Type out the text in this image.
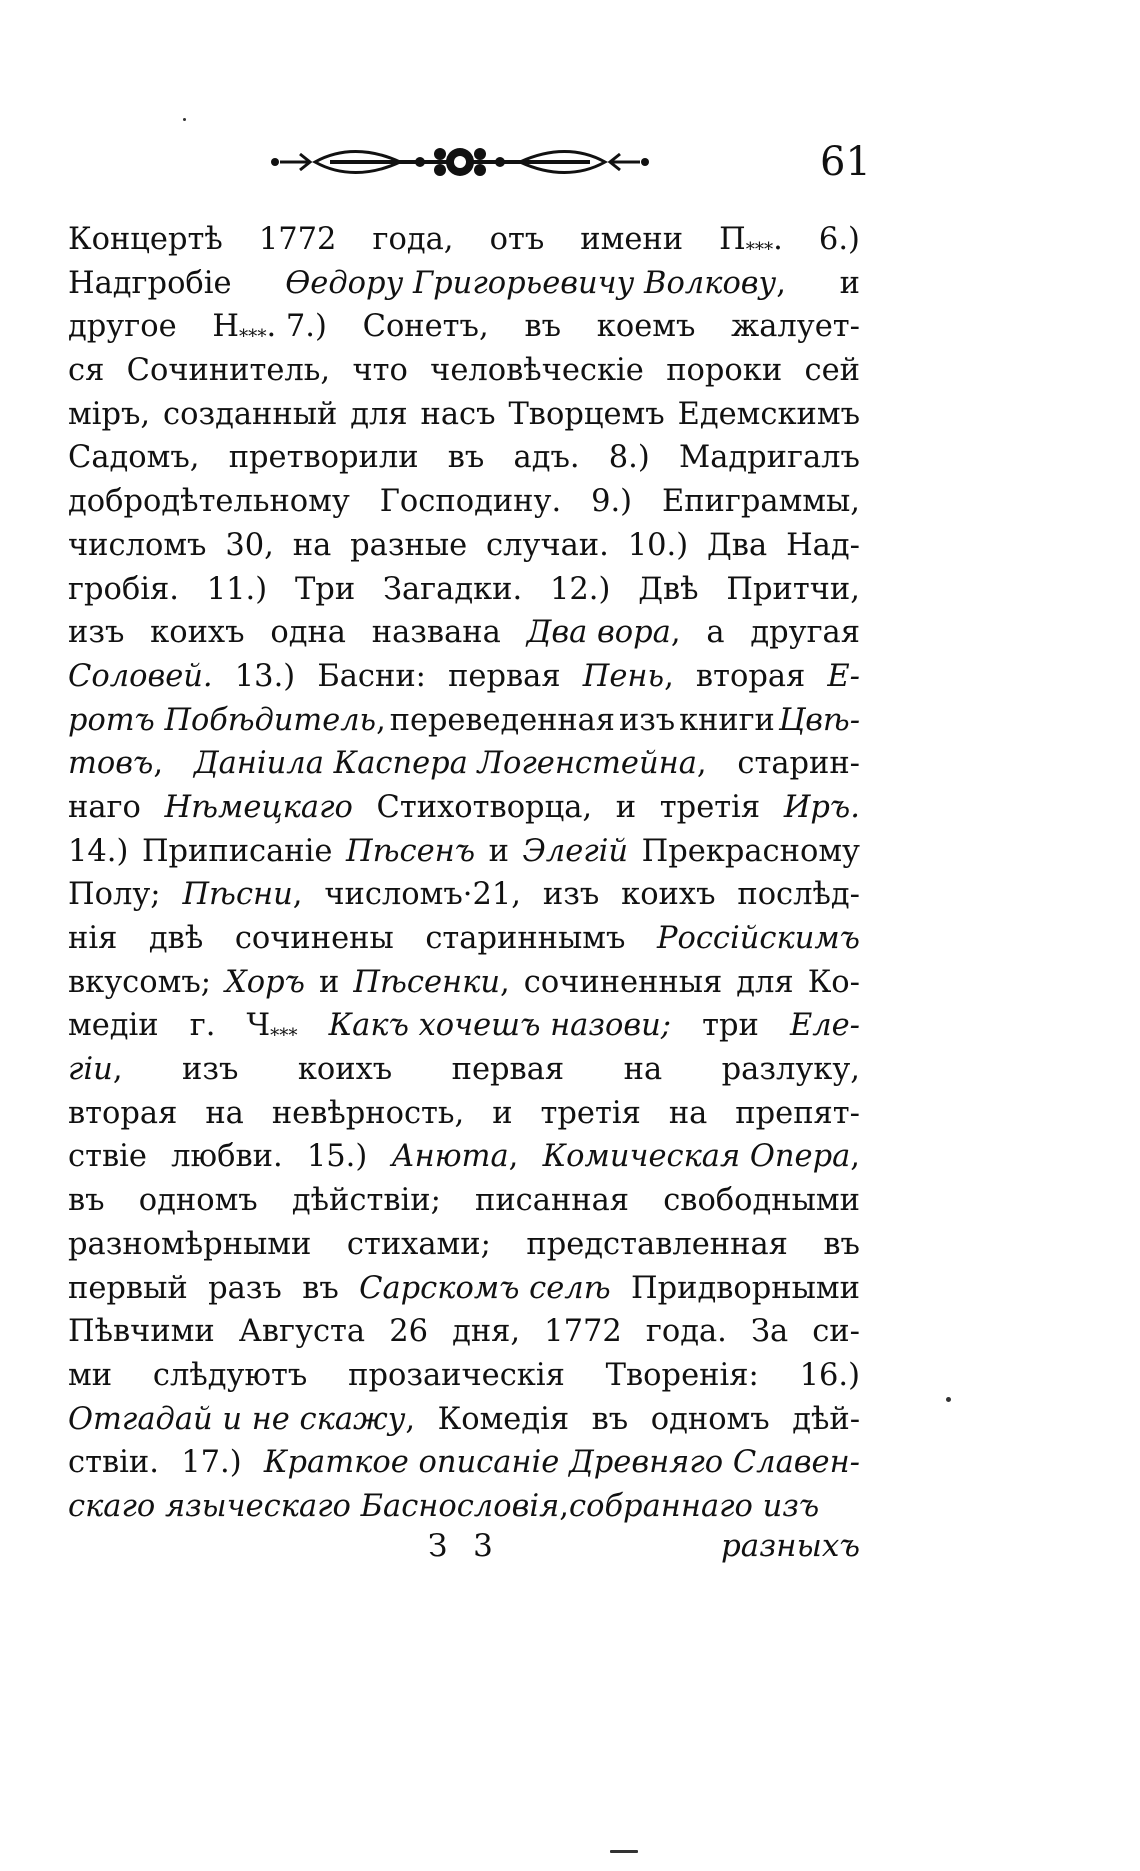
61
Концертѣ 1772 года, отъ имени $П_{***}$. 6.)
Надгробіе Ѳедору Григорьевичу Волкову, и
другое $Н_{***}$. 7.) Сонетъ, въ коемъ жалует-
ся Сочинитель, что человѣческіе пороки сей
міръ, созданный для насъ Творцемъ Едемскимъ
Садомъ, претворили въ адъ. 8.) Мадригалъ
добродѣтельному Господину. 9.) Епиграммы,
числомъ 30, на разные случаи. 10.) Два Над-
гробія. 11.) Три Загадки. 12.) Двѣ Притчи,
изъ коихъ одна названа Два вора, а другая
Соловей. 13.) Басни: первая Пень, вторая Е-
ротъ Побѣдитель, переведенная изъ книги Цвѣ-
товъ, Данiила Каспера Логенстейна, старин-
наго Нѣмецкаго Стихотворца, и третія Иръ.
14.) Приписаніе Пѣсенъ и Элегій Прекрасному
Полу; Пѣсни, числомъ·21, изъ коихъ послѣд-
нія двѣ сочинены стариннымъ Россійскимъ
вкусомъ; Хоръ и Пѣсенки, сочиненныя для Ко-
медіи г. $Ч_{***}$ Какъ хочешъ назови; три Еле-
гіи, изъ коихъ первая на разлуку,
вторая на невѣрность, и третія на препят-
ствіе любви. 15.) Анюта, Комическая Опера,
въ одномъ дѣйствіи; писанная свободными
разномѣрными стихами; представленная въ
первый разъ въ Сарскомъ селѣ Придворными
Пѣвчими Августа 26 дня, 1772 года. За си-
ми слѣдуютъ прозаическія Творенія: 16.)
Отгадай и не скажу, Комедія въ одномъ дѣй-
ствіи. 17.) Краткое описаніе Древняго Славен-
скаго языческаго Баснословія, собраннаго изъ
З 3	разныхъ
